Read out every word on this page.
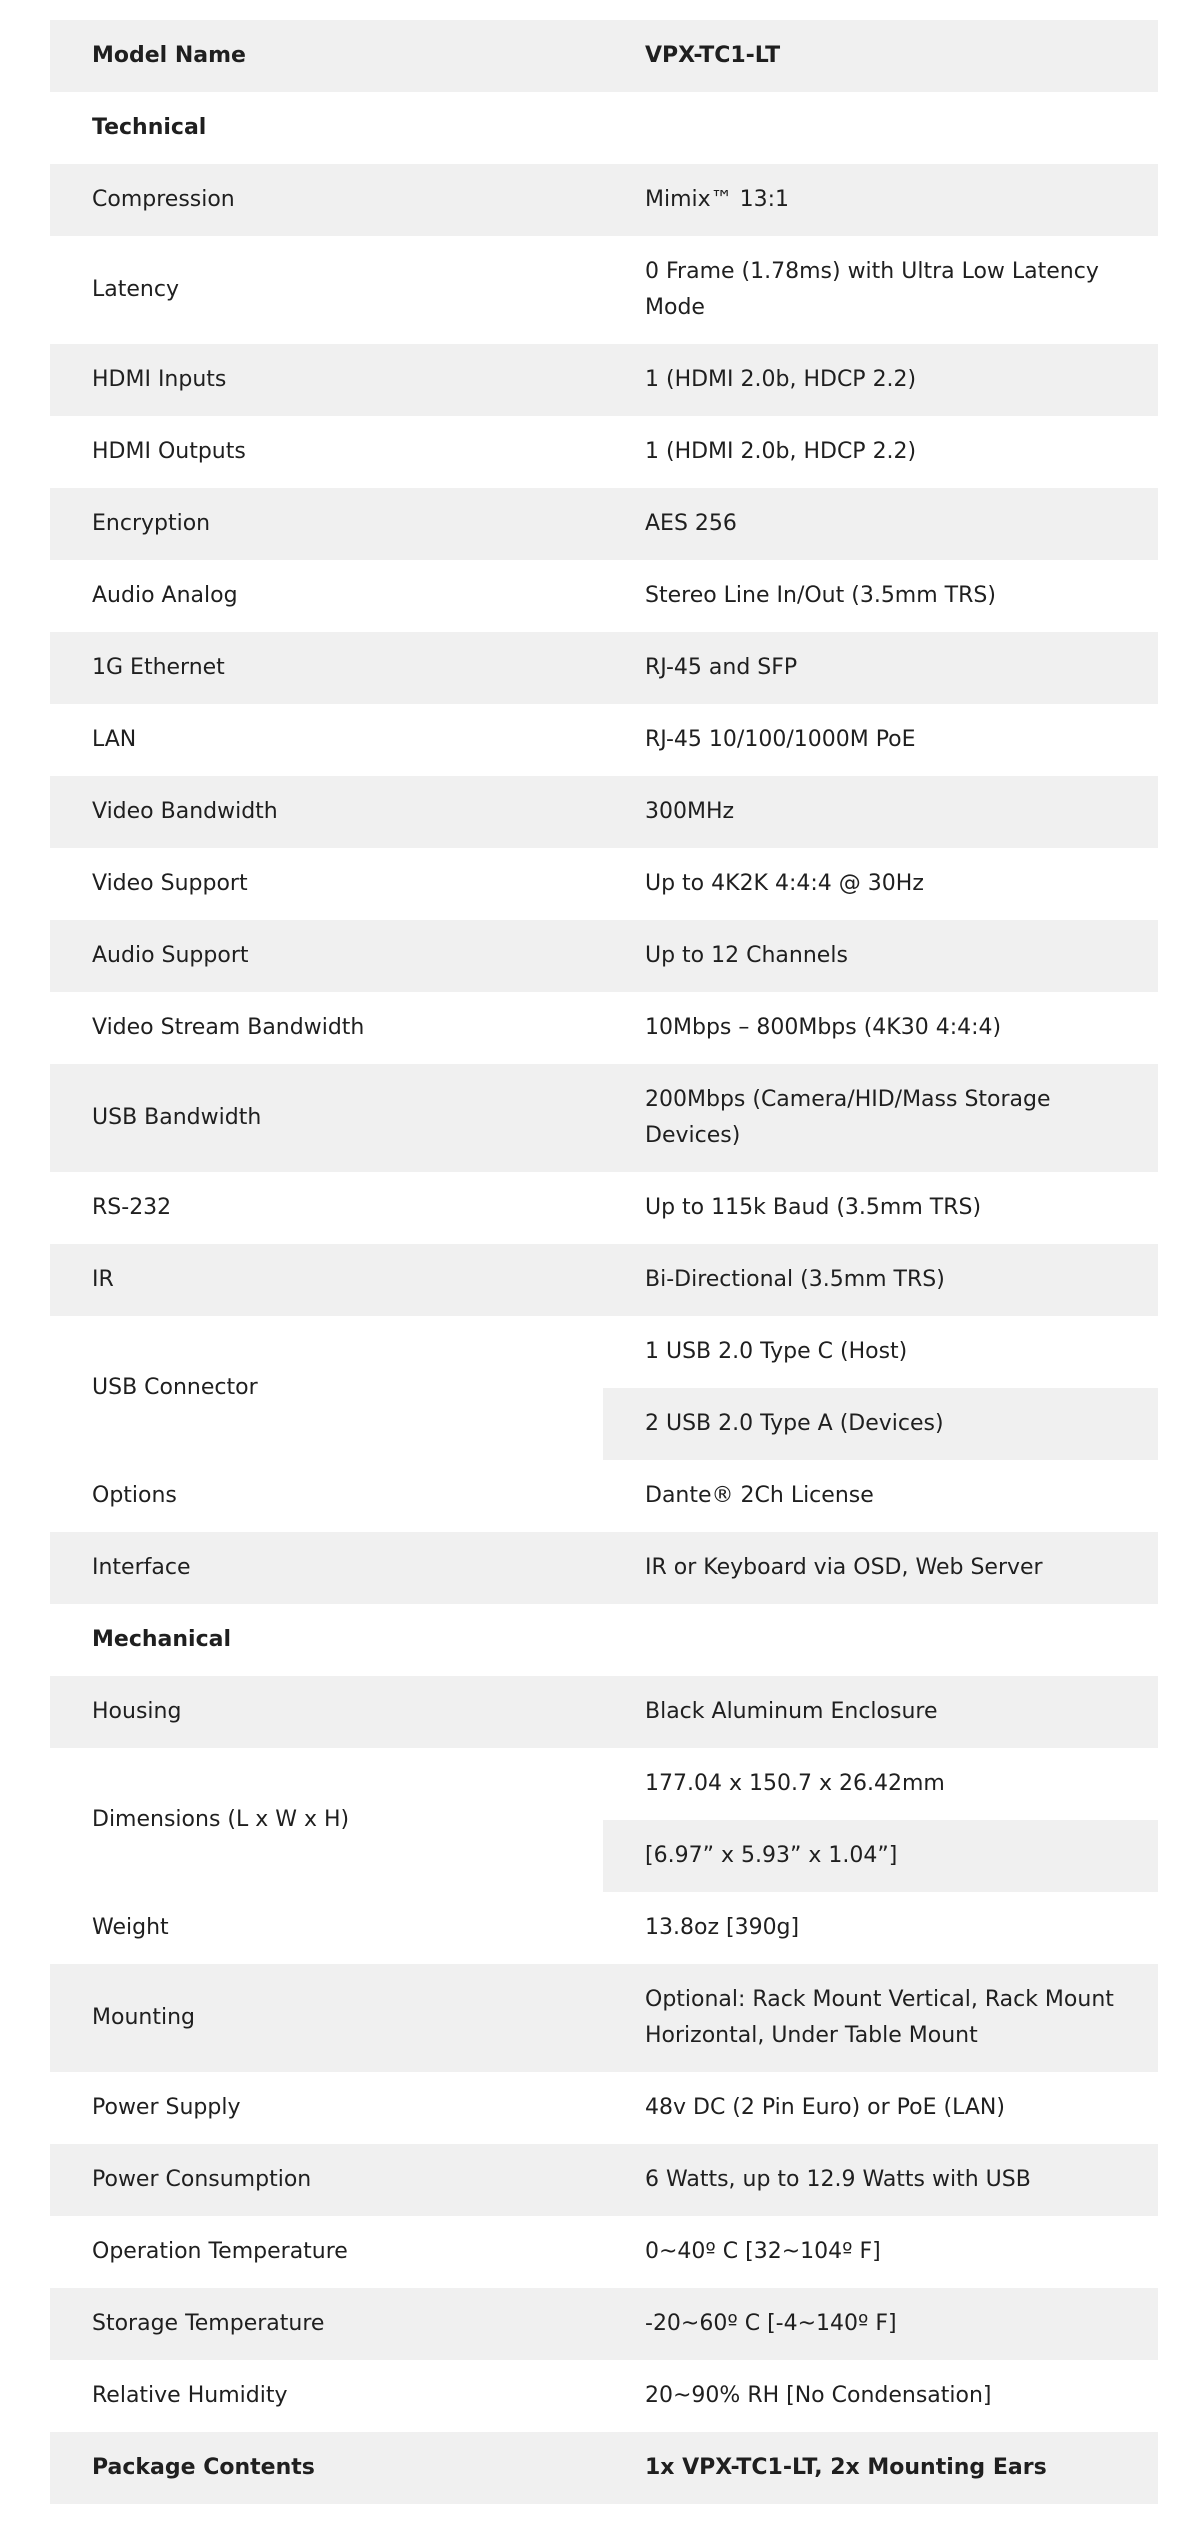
Model Name	VPX-TC1-LT
Technical	
Compression	Mimix™ 13:1
Latency	0 Frame (1.78ms) with Ultra Low Latency Mode
HDMI Inputs	1 (HDMI 2.0b, HDCP 2.2)
HDMI Outputs	1 (HDMI 2.0b, HDCP 2.2)
Encryption	AES 256
Audio Analog	Stereo Line In/Out (3.5mm TRS)
1G Ethernet	RJ-45 and SFP
LAN	RJ-45 10/100/1000M PoE
Video Bandwidth	300MHz
Video Support	Up to 4K2K 4:4:4 @ 30Hz
Audio Support	Up to 12 Channels
Video Stream Bandwidth	10Mbps – 800Mbps (4K30 4:4:4)
USB Bandwidth	200Mbps (Camera/HID/Mass Storage Devices)
RS-232	Up to 115k Baud (3.5mm TRS)
IR	Bi-Directional (3.5mm TRS)
USB Connector	1 USB 2.0 Type C (Host)
	2 USB 2.0 Type A (Devices)
Options	Dante® 2Ch License
Interface	IR or Keyboard via OSD, Web Server
Mechanical	
Housing	Black Aluminum Enclosure
Dimensions (L x W x H)	177.04 x 150.7 x 26.42mm
	[6.97” x 5.93” x 1.04”]
Weight	13.8oz [390g]
Mounting	Optional: Rack Mount Vertical, Rack Mount Horizontal, Under Table Mount
Power Supply	48v DC (2 Pin Euro) or PoE (LAN)
Power Consumption	6 Watts, up to 12.9 Watts with USB
Operation Temperature	0~40º C [32~104º F]
Storage Temperature	-20~60º C [-4~140º F]
Relative Humidity	20~90% RH [No Condensation]
Package Contents	1x VPX-TC1-LT, 2x Mounting Ears
